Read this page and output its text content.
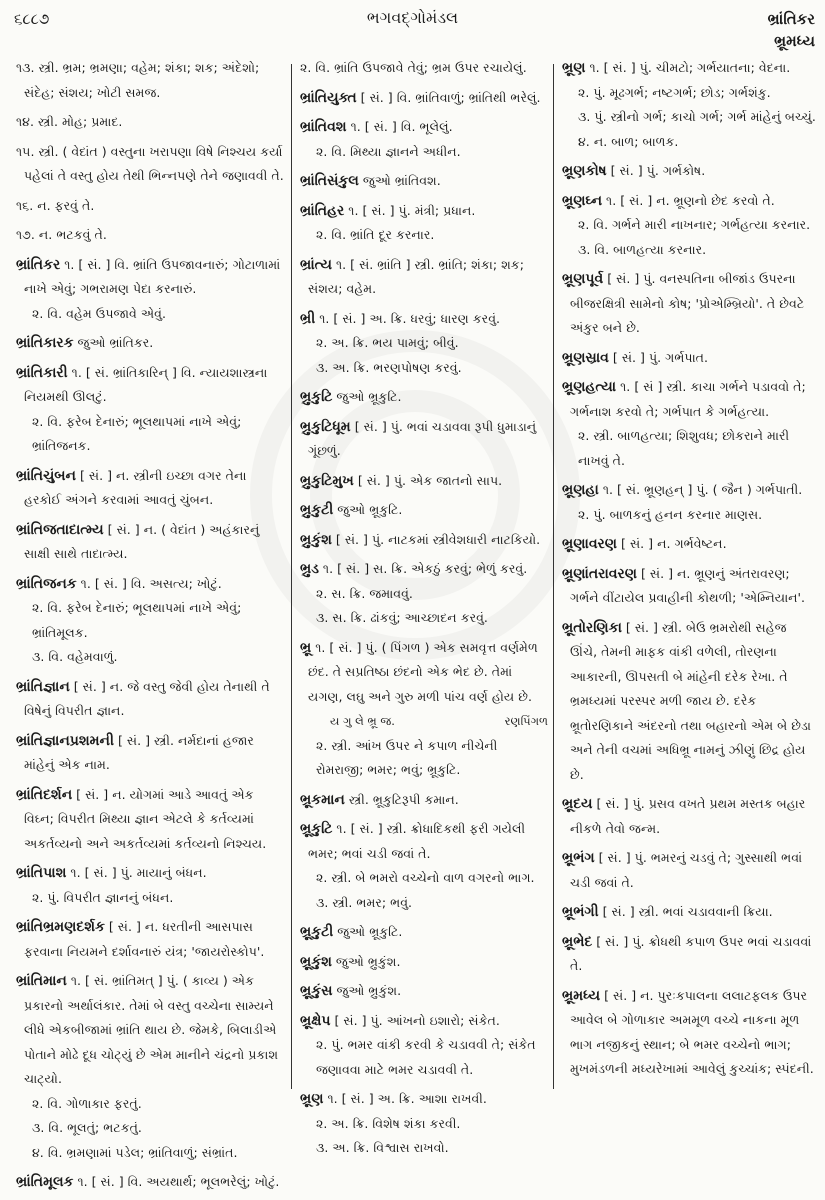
૬૮૮૭	ભગવદ્ગોમંડલ	ભ્રાંતિકર
ભ્રૂમધ્ય
૧૩. સ્ત્રી. ભ્રમ; ભ્રમણા; વહેમ; શંકા; શક; અંદેશો; સંદેહ; સંશય; ખોટી સમજ.
૧૪. સ્ત્રી. મોહ; પ્રમાદ.
૧૫. સ્ત્રી. ( વેદાંત ) વસ્તુના ખરાપણા વિષે નિશ્ચય કર્યા પહેલાં તે વસ્તુ હોય તેથી ભિન્નપણે તેને જણાવવી તે.
૧૬. ન. ફરવું તે.
૧૭. ન. ભટકવું તે.
ભ્રાંતિકર ૧. [ સં. ] વિ. ભ્રાંતિ ઉપજાવનારું; ગોટાળામાં નાખે એવું; ગભરામણ પેદા કરનારું.
૨. વિ. વહેમ ઉપજાવે એવું.
ભ્રાંતિકારક જુઓ ભ્રાંતિકર.
ભ્રાંતિકારી ૧. [ સં. ભ્રાંતિકારિન્ ] વિ. ન્યાયશાસ્ત્રના નિયમથી ઊલટું.
૨. વિ. ફરેબ દેનારું; ભૂલથાપમાં નાખે એવું; ભ્રાંતિજનક.
ભ્રાંતિચુંબન [ સં. ] ન. સ્ત્રીની ઇચ્છા વગર તેના હરકોઈ અંગને કરવામાં આવતું ચુંબન.
ભ્રાંતિજતાદાત્મ્ય [ સં. ] ન. ( વેદાંત ) અહંકારનું સાક્ષી સાથે તાદાત્મ્ય.
ભ્રાંતિજનક ૧. [ સં. ] વિ. અસત્ય; ખોટું.
૨. વિ. ફરેબ દેનારું; ભૂલથાપમાં નાખે એવું; ભ્રાંતિમૂલક.
૩. વિ. વહેમવાળું.
ભ્રાંતિજ્ઞાન [ સં. ] ન. જે વસ્તુ જેવી હોય તેનાથી તે વિષેનું વિપરીત જ્ઞાન.
ભ્રાંતિજ્ઞાનપ્રશમની [ સં. ] સ્ત્રી. નર્મદાનાં હજાર માંહેનું એક નામ.
ભ્રાંતિદર્શન [ સં. ] ન. યોગમાં આડે આવતું એક વિઘ્ન; વિપરીત મિથ્યા જ્ઞાન એટલે કે કર્તવ્યમાં અકર્તવ્યનો અને અકર્તવ્યમાં કર્તવ્યનો નિશ્ચય.
ભ્રાંતિપાશ ૧. [ સં. ] પું. માયાનું બંધન.
૨. પું. વિપરીત જ્ઞાનનું બંધન.
ભ્રાંતિભ્રમણદર્શક [ સં. ] ન. ધરતીની આસપાસ ફરવાના નિયમને દર્શાવનારું યંત્ર; 'જાયરોસ્કોપ'.
ભ્રાંતિમાન ૧. [ સં. ભ્રાંતિમત્ ] પું. ( કાવ્ય ) એક પ્રકારનો અર્થાલંકાર. તેમાં બે વસ્તુ વચ્ચેના સામ્યને લીધે એકબીજામાં ભ્રાંતિ થાય છે. જેમકે, બિલાડીએ પોતાને મોઢે દૂધ ચોટ્યું છે એમ માનીને ચંદ્રનો પ્રકાશ ચાટ્યો.
૨. વિ. ગોળાકાર ફરતું.
૩. વિ. ભૂલતું; ભટકતું.
૪. વિ. ભ્રમણામાં પડેલ; ભ્રાંતિવાળું; સંભ્રાંત.
ભ્રાંતિમૂલક ૧. [ સં. ] વિ. અયથાર્થ; ભૂલભરેલું; ખોટું.
૨. વિ. ભ્રાંતિ ઉપજાવે તેવું; ભ્રમ ઉપર રચાયેલું.
ભ્રાંતિયુક્ત [ સં. ] વિ. ભ્રાંતિવાળું; ભ્રાંતિથી ભરેલું.
ભ્રાંતિવશ ૧. [ સં. ] વિ. ભૂલેલું.
૨. વિ. મિથ્યા જ્ઞાનને અધીન.
ભ્રાંતિસંકુલ જુઓ ભ્રાંતિવશ.
ભ્રાંતિહર ૧. [ સં. ] પું. મંત્રી; પ્રધાન.
૨. વિ. ભ્રાંતિ દૂર કરનાર.
ભ્રાંત્ય ૧. [ સં. ભ્રાંતિ ] સ્ત્રી. ભ્રાંતિ; શંકા; શક; સંશય; વહેમ.
ભ્રી ૧. [ સં. ] અ. ક્રિ. ધરવું; ધારણ કરવું.
૨. અ. ક્રિ. ભય પામવું; બીવું.
૩. અ. ક્રિ. ભરણપોષણ કરવું.
ભ્રુકુટિ જુઓ ભ્રૂકુટિ.
ભ્રુકુટિધૂમ [ સં. ] પું. ભવાં ચડાવવા રૂપી ધુમાડાનું ગૂંછળું.
ભ્રુકુટિમુખ [ સં. ] પું. એક જાતનો સાપ.
ભ્રુકુટી જુઓ ભ્રૂકુટિ.
ભ્રુકુંશ [ સં. ] પું. નાટકમાં સ્ત્રીવેશધારી નાટકિયો.
ભ્રુડ ૧. [ સં. ] સ. ક્રિ. એકઠું કરવું; ભેળું કરવું.
૨. સ. ક્રિ. જમાવવું.
૩. સ. ક્રિ. ઢાંકવું; આચ્છાદન કરવું.
ભ્રૂ ૧. [ સં. ] પું. ( પિંગળ ) એક સમવૃત્ત વર્ણમેળ છંદ. તે સપ્રતિષ્ઠા છંદનો એક ભેદ છે. તેમાં યગણ, લઘુ અને ગુરુ મળી પાંચ વર્ણ હોય છે.
ય ગુ લે ભ્રૂ જ.	રણપિંગળ
૨. સ્ત્રી. આંખ ઉપર ને કપાળ નીચેની રોમરાજી; ભમર; ભવું; ભ્રૂકુટિ.
ભ્રૂકમાન સ્ત્રી. ભ્રૂકુટિરૂપી કમાન.
ભ્રૂકુટિ ૧. [ સં. ] સ્ત્રી. ક્રોધાદિકથી ફરી ગયેલી ભમર; ભવાં ચડી જવાં તે.
૨. સ્ત્રી. બે ભમરો વચ્ચેનો વાળ વગરનો ભાગ.
૩. સ્ત્રી. ભમર; ભવું.
ભ્રૂકુટી જુઓ ભ્રૂકુટિ.
ભ્રૂકુંશ જુઓ ભ્રુકુંશ.
ભ્રૂકુંસ જુઓ ભ્રુકુંશ.
ભ્રૂક્ષેપ [ સં. ] પું. આંખનો ઇશારો; સંકેત.
૨. પું. ભમર વાંકી કરવી કે ચડાવવી તે; સંકેત જણાવવા માટે ભમર ચડાવવી તે.
ભ્રૂણ ૧. [ સં. ] અ. ક્રિ. આશા રાખવી.
૨. અ. ક્રિ. વિશેષ શંકા કરવી.
૩. અ. ક્રિ. વિશ્વાસ રાખવો.
ભ્રૂણ ૧. [ સં. ] પું. ચીમટો; ગર્ભયાતના; વેદના.
૨. પું. મૂઢગર્ભ; નષ્ટગર્ભ; છોડ; ગર્ભશંકુ.
૩. પું. સ્ત્રીનો ગર્ભ; કાચો ગર્ભ; ગર્ભ માંહેનું બચ્ચું.
૪. ન. બાળ; બાળક.
ભ્રૂણકોષ [ સં. ] પું. ગર્ભકોષ.
ભ્રૂણઘ્ન ૧. [ સં. ] ન. ભ્રૂણનો છેદ કરવો તે.
૨. વિ. ગર્ભને મારી નાખનાર; ગર્ભહત્યા કરનાર.
૩. વિ. બાળહત્યા કરનાર.
ભ્રૂણપૂર્વ [ સં. ] પું. વનસ્પતિના બીજાંડ ઉપરના બીજરક્ષિત્રી સામેનો કોષ; 'પ્રોએમ્બ્રિયો'. તે છેવટે અંકુર બને છે.
ભ્રૂણસ્રાવ [ સં. ] પું. ગર્ભપાત.
ભ્રૂણહત્યા ૧. [ સં ] સ્ત્રી. કાચા ગર્ભને પડાવવો તે; ગર્ભનાશ કરવો તે; ગર્ભપાત કે ગર્ભહત્યા.
૨. સ્ત્રી. બાળહત્યા; શિશુવધ; છોકરાને મારી નાખવું તે.
ભ્રૂણહા ૧. [ સં. ભ્રૂણહન્ ] પું. ( જૈન ) ગર્ભપાતી.
૨. પું. બાળકનું હનન કરનાર માણસ.
ભ્રૂણાવરણ [ સં. ] ન. ગર્ભવેષ્ટન.
ભ્રૂણાંતરાવરણ [ સં. ] ન. ભ્રૂણનું અંતરાવરણ; ગર્ભને વીંટાયેલ પ્રવાહીની કોથળી; 'એમ્નિયાન'.
ભ્રૂતોરણિકા [ સં. ] સ્ત્રી. બેઉ ભ્રમરોથી સહેજ ઊંચે, તેમની માફક વાંકી વળેલી, તોરણના આકારની, ઊપસતી બે માંહેની દરેક રેખા. તે ભ્રમધ્યમાં પરસ્પર મળી જાય છે. દરેક ભ્રૂતોરણિકાને અંદરનો તથા બહારનો એમ બે છેડા અને તેની વચમાં અધિભ્રૂ નામનું ઝીણું છિદ્ર હોય છે.
ભ્રૂદય [ સં. ] પું. પ્રસવ વખતે પ્રથમ મસ્તક બહાર નીકળે તેવો જન્મ.
ભ્રૂભંગ [ સં. ] પું. ભમરનું ચડવું તે; ગુસ્સાથી ભવાં ચડી જવાં તે.
ભ્રૂભંગી [ સં. ] સ્ત્રી. ભવાં ચડાવવાની ક્રિયા.
ભ્રૂભેદ [ સં. ] પું. ક્રોધથી કપાળ ઉપર ભવાં ચડાવવાં તે.
ભ્રૂમધ્ય [ સં. ] ન. પુરઃકપાલના લલાટફલક ઉપર આવેલ બે ગોળાકાર અમમૂળ વચ્ચે નાકના મૂળ ભાગ નજીકનું સ્થાન; બે ભમર વચ્ચેનો ભાગ; મુખમંડળની મધ્યરેખામાં આવેલું કુચ્ચાંક; સ્પંદની.
